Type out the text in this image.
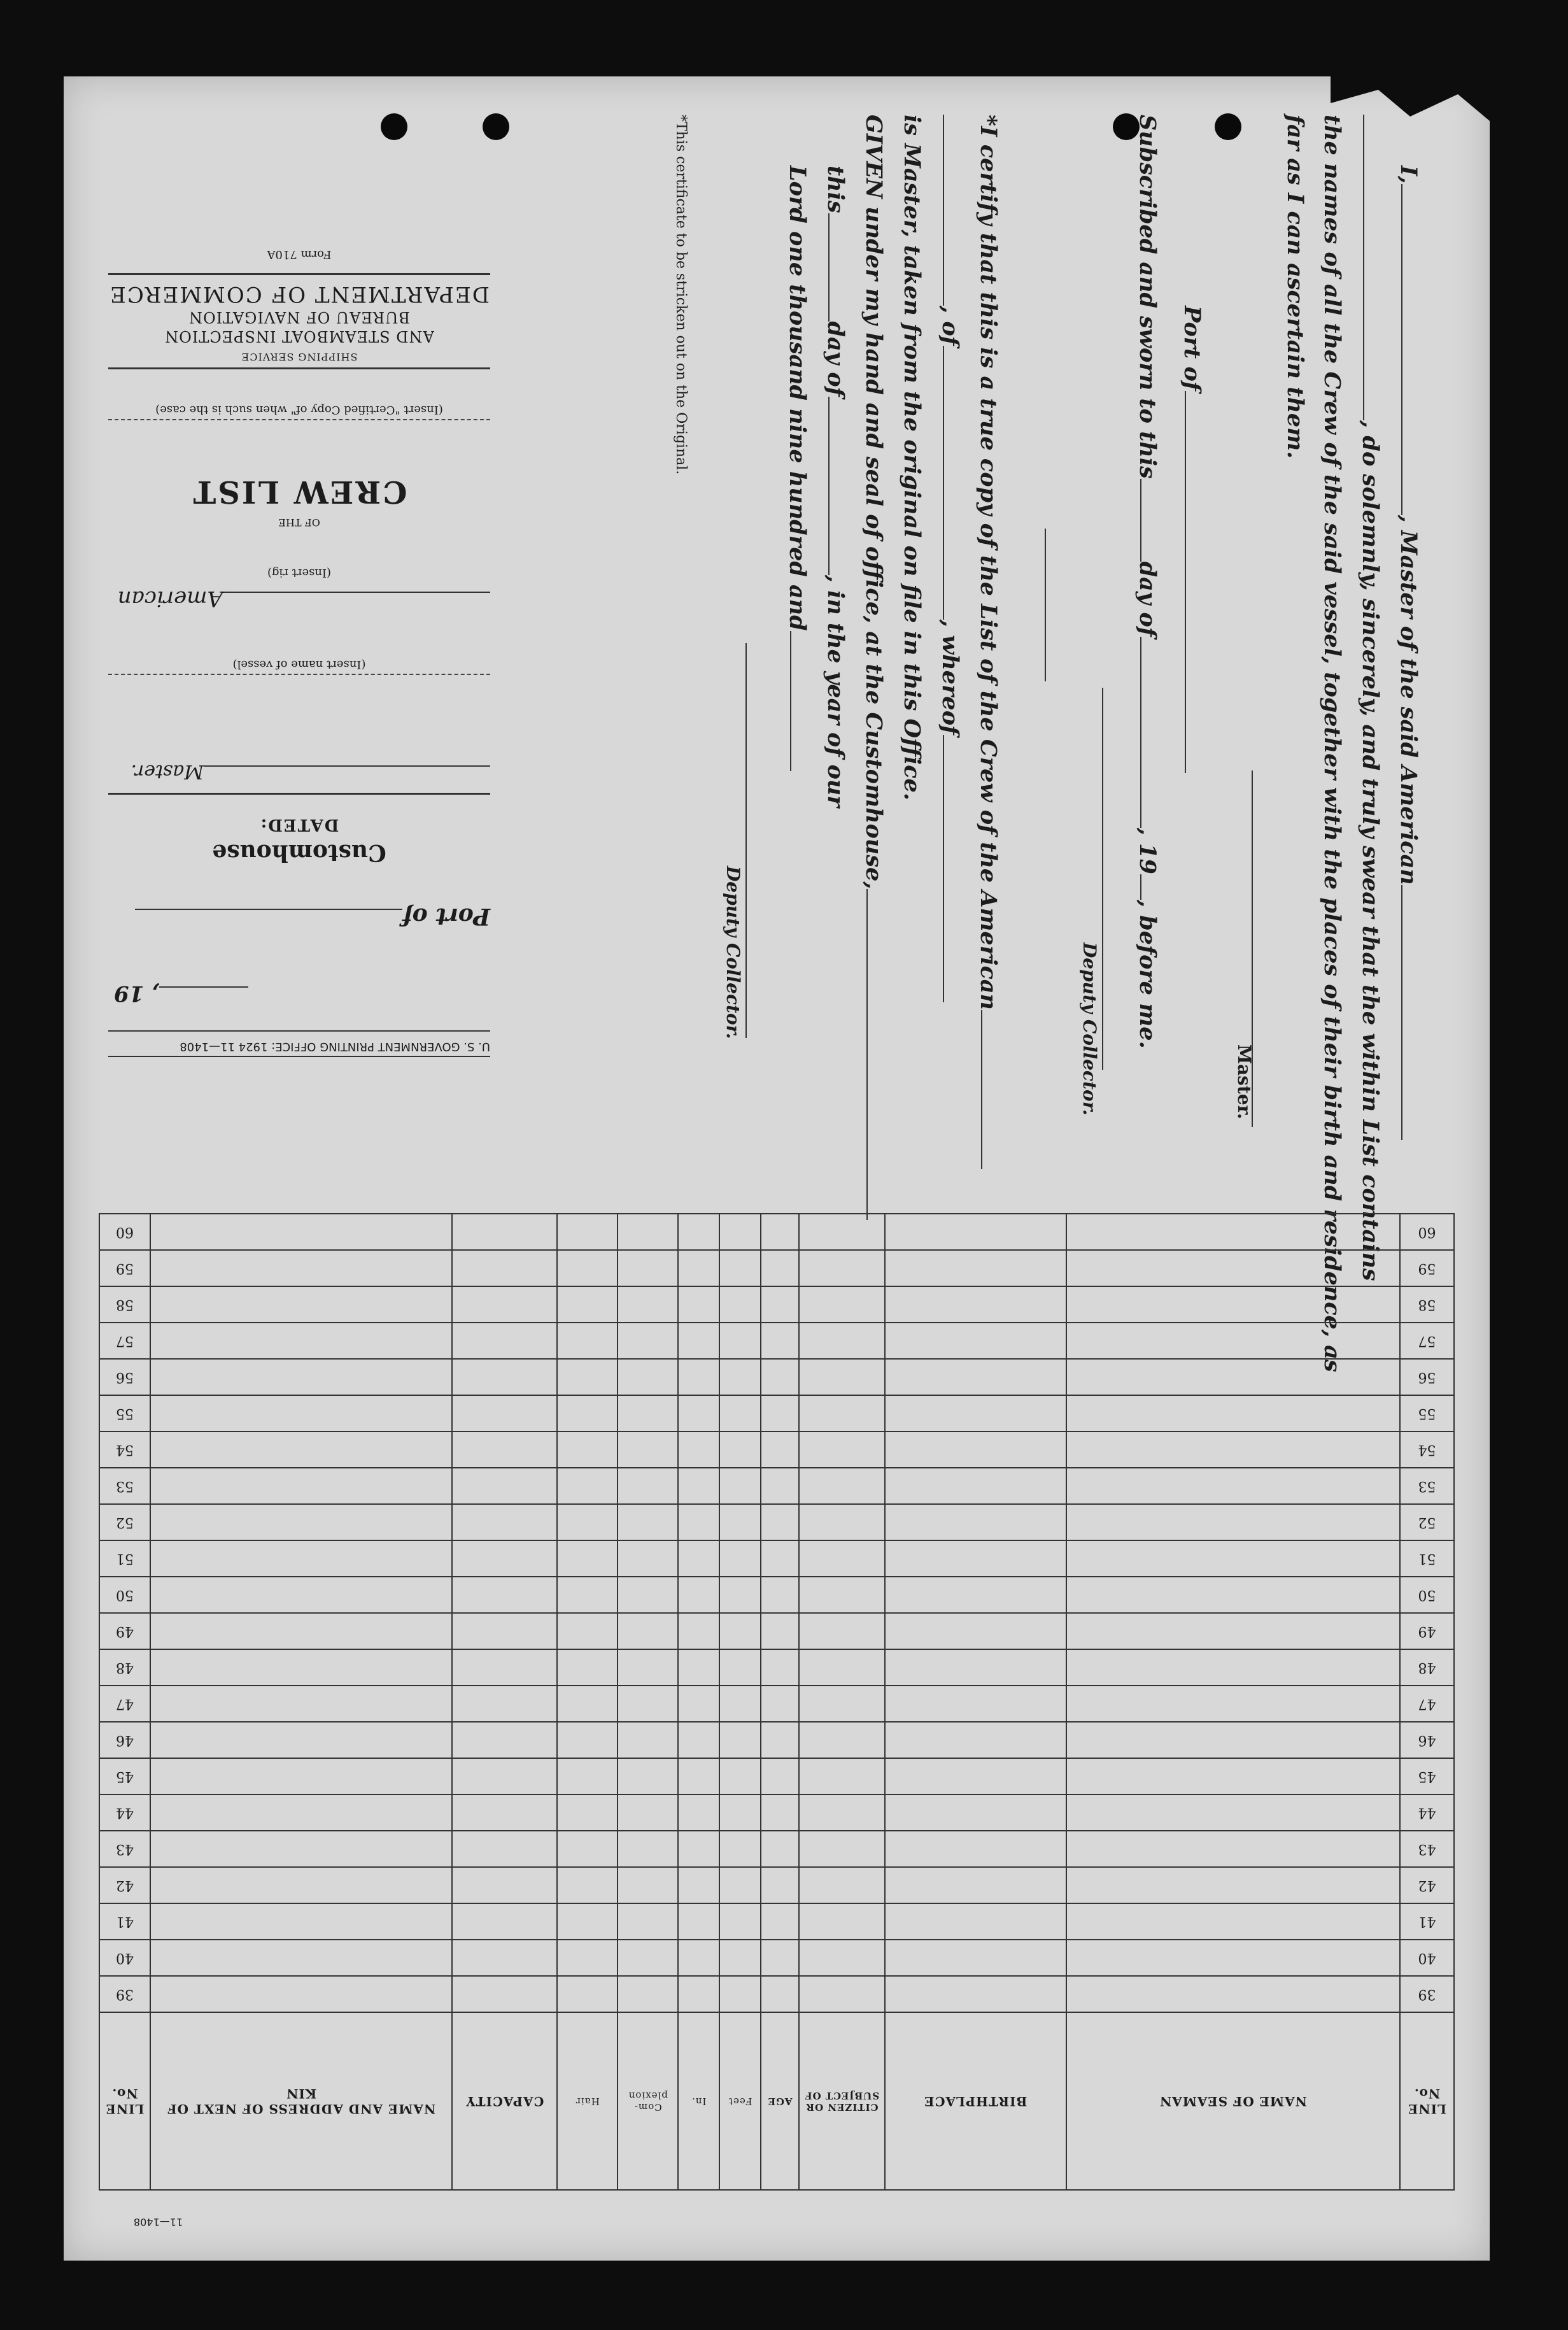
I,, Master of the said American
, do solemnly, sincerely, and truly swear that the within List contains
the names of all the Crew of the said vessel, together with the places of their birth and residence, as
far as I can ascertain them.
Master.
Port of
Subscribed and sworn to thisday of, 19, before me.
Deputy Collector.
*I certify that this is a true copy of the List of the Crew of the American
, of, whereof
is Master, taken from the original on file in this Office.
GIVEN under my hand and seal of office, at the Customhouse,
thisday of, in the year of our
Lord one thousand nine hundred and
Deputy Collector.
*This certificate to be stricken out on the Original.
U. S. GOVERNMENT PRINTING OFFICE: 1924 11—1408
, 19
Port of
Customhouse
DATED:
Master.
(Insert name of vessel)
American
(Insert rig)
OF THE
CREW LIST
(Insert "Certified Copy of" when such is the case)
SHIPPING SERVICE
AND STEAMBOAT INSPECTION
BUREAU OF NAVIGATION
DEPARTMENT OF COMMERCE
Form 710A
LINE No.	NAME OF SEAMAN	BIRTHPLACE	CITIZEN OR SUBJECT OF	AGE	Feet	In.	Com-plexion	Hair	CAPACITY	NAME AND ADDRESS OF NEXT OF KIN	LINE No.
39											39
40											40
41											41
42											42
43											43
44											44
45											45
46											46
47											47
48											48
49											49
50											50
51											51
52											52
53											53
54											54
55											55
56											56
57											57
58											58
59											59
60											60
11—1408
